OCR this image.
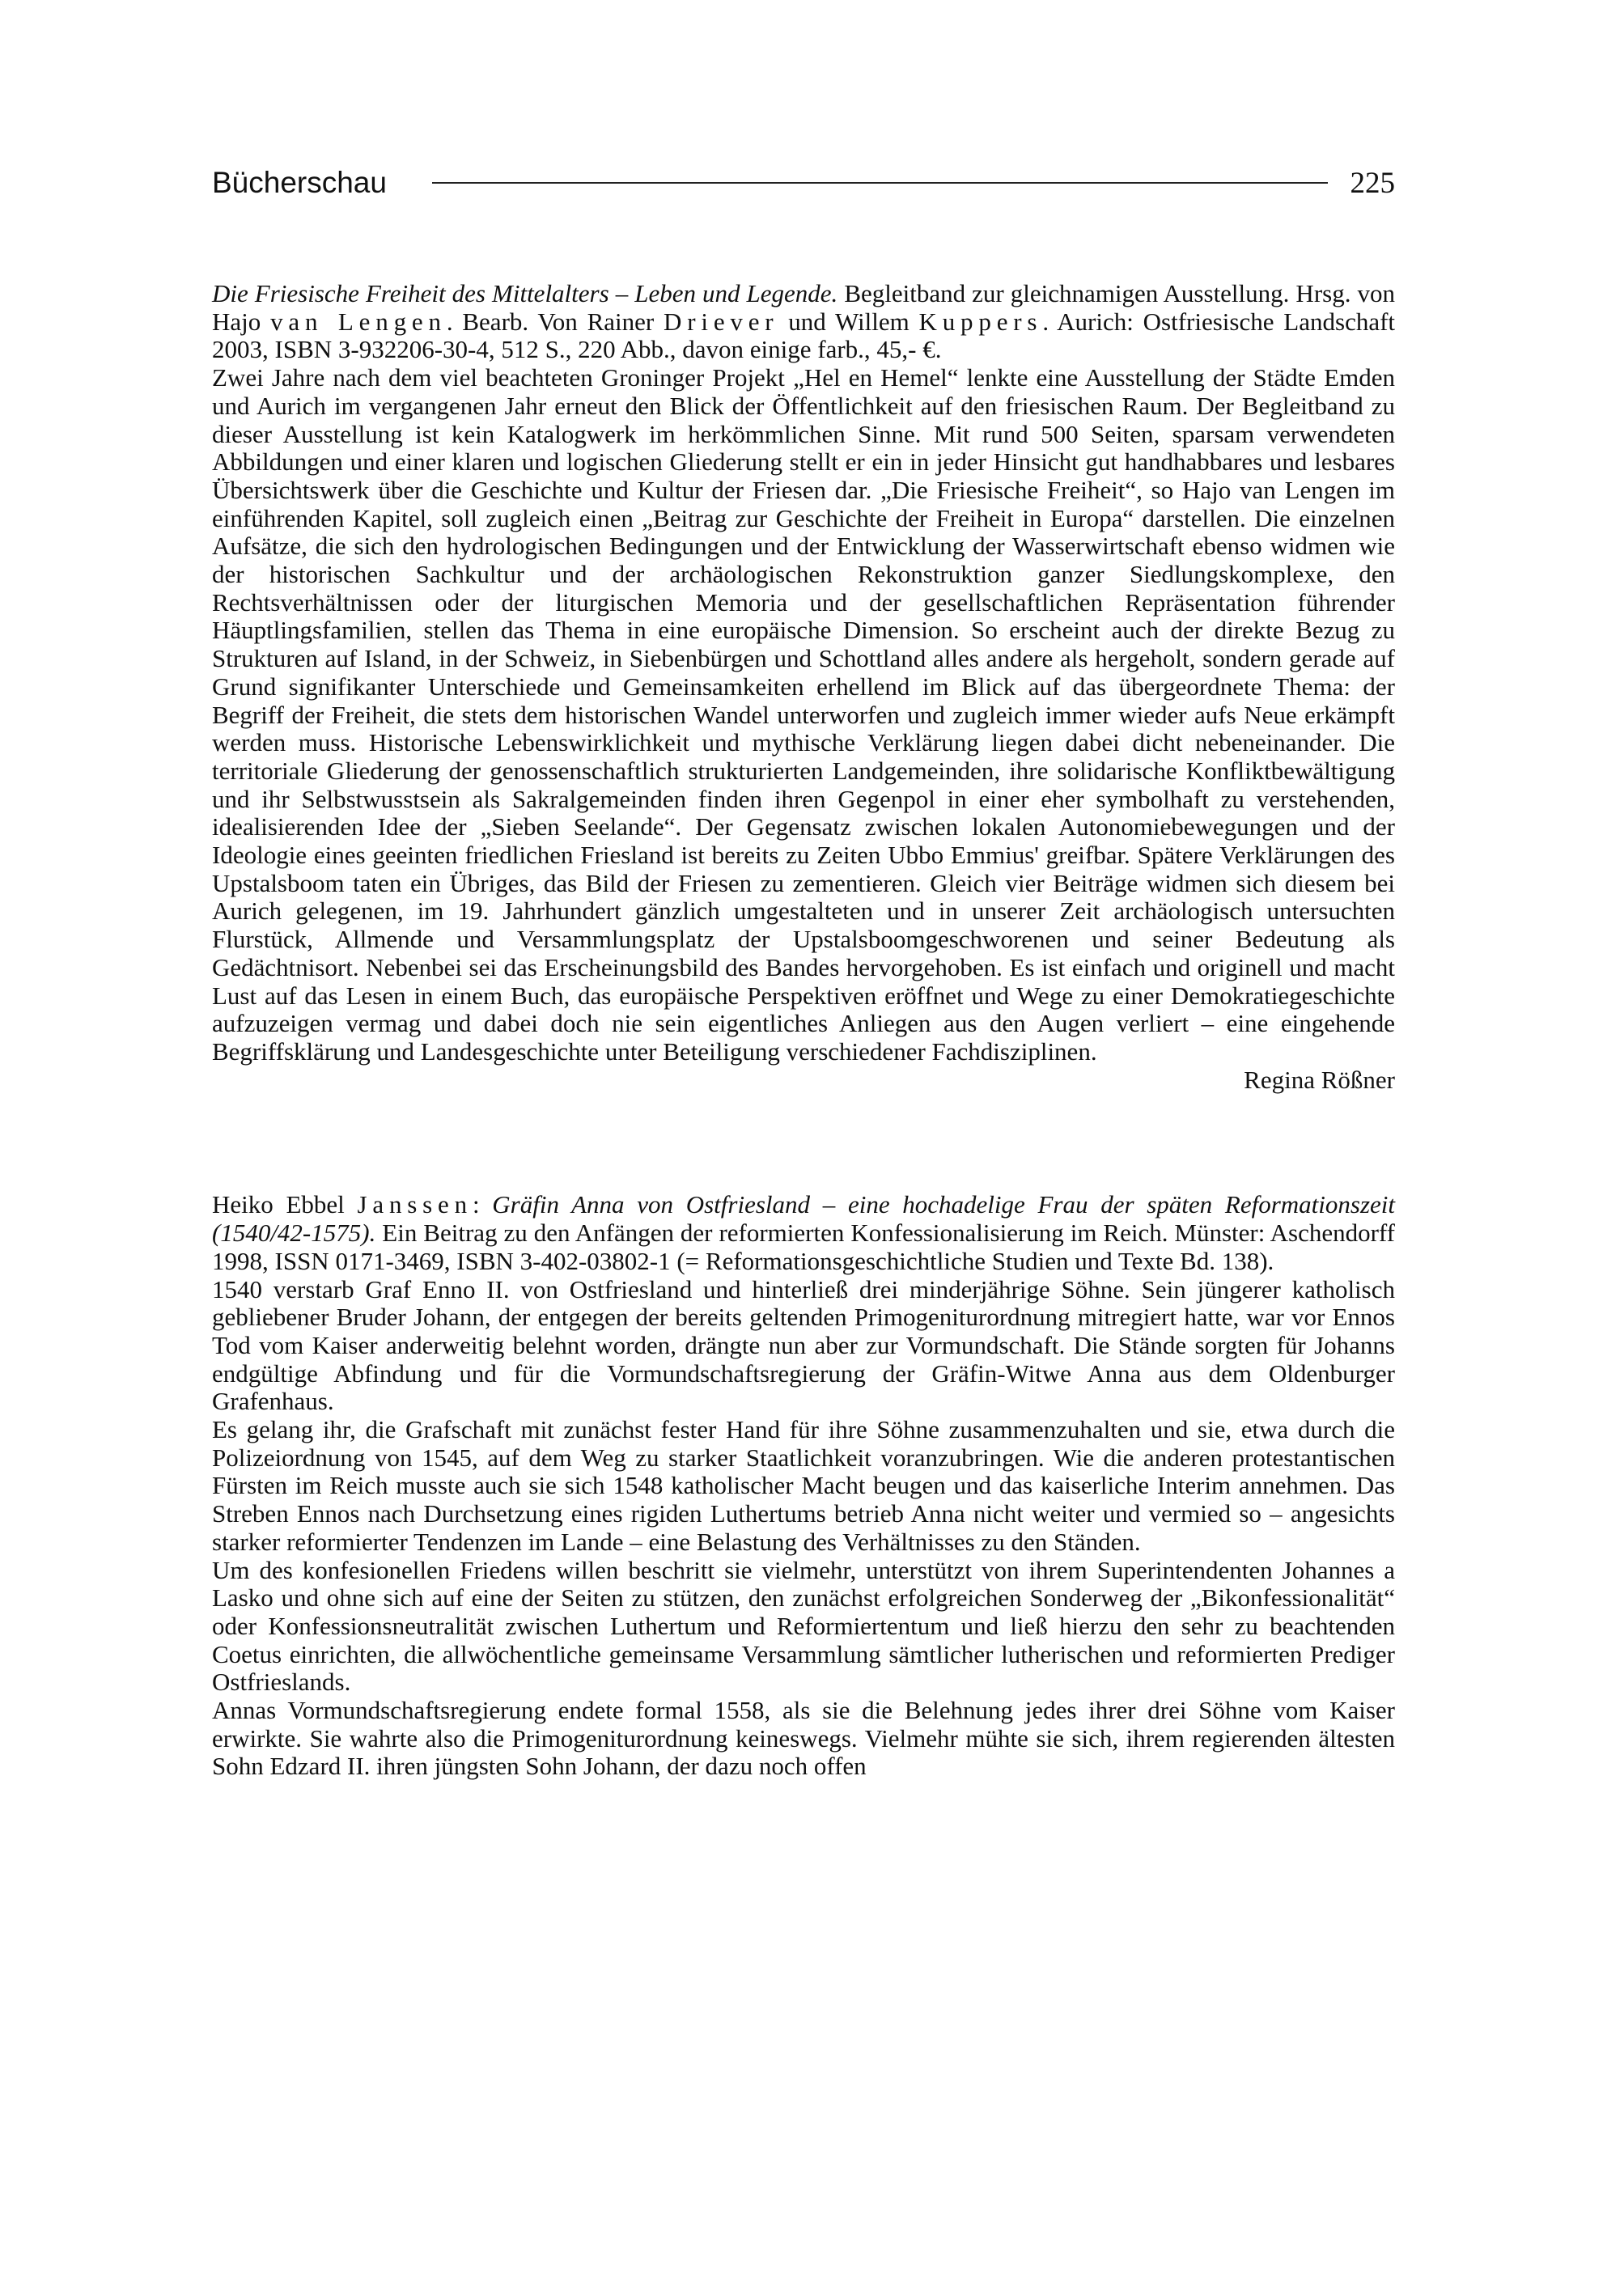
Bücherschau	225

Die Friesische Freiheit des Mittelalters – Leben und Legende. Begleitband zur gleichnamigen Ausstellung. Hrsg. von Hajo van Lengen. Bearb. Von Rainer Driever und Willem Kuppers. Aurich: Ostfriesische Landschaft 2003, ISBN 3-932206-30-4, 512 S., 220 Abb., davon einige farb., 45,- €.

Zwei Jahre nach dem viel beachteten Groninger Projekt „Hel en Hemel“ lenkte eine Ausstellung der Städte Emden und Aurich im vergangenen Jahr erneut den Blick der Öffentlichkeit auf den friesischen Raum. Der Begleitband zu dieser Ausstellung ist kein Katalogwerk im herkömmlichen Sinne. Mit rund 500 Seiten, sparsam verwendeten Abbildungen und einer klaren und logischen Gliederung stellt er ein in jeder Hinsicht gut handhabbares und lesbares Übersichtswerk über die Geschichte und Kultur der Friesen dar. „Die Friesische Freiheit“, so Hajo van Lengen im einführenden Kapitel, soll zugleich einen „Beitrag zur Geschichte der Freiheit in Europa“ darstellen. Die einzelnen Aufsätze, die sich den hydrologischen Bedingungen und der Entwicklung der Wasserwirtschaft ebenso widmen wie der historischen Sachkultur und der archäologischen Rekonstruktion ganzer Siedlungskomplexe, den Rechtsverhältnissen oder der liturgischen Memoria und der gesellschaftlichen Repräsentation führender Häuptlingsfamilien, stellen das Thema in eine europäische Dimension. So erscheint auch der direkte Bezug zu Strukturen auf Island, in der Schweiz, in Siebenbürgen und Schottland alles andere als hergeholt, sondern gerade auf Grund signifikanter Unterschiede und Gemeinsamkeiten erhellend im Blick auf das übergeordnete Thema: der Begriff der Freiheit, die stets dem historischen Wandel unterworfen und zugleich immer wieder aufs Neue erkämpft werden muss. Historische Lebenswirklichkeit und mythische Verklärung liegen dabei dicht nebeneinander. Die territoriale Gliederung der genossenschaftlich strukturierten Landgemeinden, ihre solidarische Konfliktbewältigung und ihr Selbstwusstsein als Sakralgemeinden finden ihren Gegenpol in einer eher symbolhaft zu verstehenden, idealisierenden Idee der „Sieben Seelande“. Der Gegensatz zwischen lokalen Autonomiebewegungen und der Ideologie eines geeinten friedlichen Friesland ist bereits zu Zeiten Ubbo Emmius' greifbar. Spätere Verklärungen des Upstalsboom taten ein Übriges, das Bild der Friesen zu zementieren. Gleich vier Beiträge widmen sich diesem bei Aurich gelegenen, im 19. Jahrhundert gänzlich umgestalteten und in unserer Zeit archäologisch untersuchten Flurstück, Allmende und Versammlungsplatz der Upstalsboomgeschworenen und seiner Bedeutung als Gedächtnisort. Nebenbei sei das Erscheinungsbild des Bandes hervorgehoben. Es ist einfach und originell und macht Lust auf das Lesen in einem Buch, das europäische Perspektiven eröffnet und Wege zu einer Demokratiegeschichte aufzuzeigen vermag und dabei doch nie sein eigentliches Anliegen aus den Augen verliert – eine eingehende Begriffsklärung und Landesgeschichte unter Beteiligung verschiedener Fachdisziplinen.

Regina Rößner

Heiko Ebbel Janssen: Gräfin Anna von Ostfriesland – eine hochadelige Frau der späten Reformationszeit (1540/42-1575). Ein Beitrag zu den Anfängen der reformierten Konfessionalisierung im Reich. Münster: Aschendorff 1998, ISSN 0171-3469, ISBN 3-402-03802-1 (= Reformationsgeschichtliche Studien und Texte Bd. 138).

1540 verstarb Graf Enno II. von Ostfriesland und hinterließ drei minderjährige Söhne. Sein jüngerer katholisch gebliebener Bruder Johann, der entgegen der bereits geltenden Primogeniturordnung mitregiert hatte, war vor Ennos Tod vom Kaiser anderweitig belehnt worden, drängte nun aber zur Vormundschaft. Die Stände sorgten für Johanns endgültige Abfindung und für die Vormundschaftsregierung der Gräfin-Witwe Anna aus dem Oldenburger Grafenhaus.

Es gelang ihr, die Grafschaft mit zunächst fester Hand für ihre Söhne zusammenzuhalten und sie, etwa durch die Polizeiordnung von 1545, auf dem Weg zu starker Staatlichkeit voranzubringen. Wie die anderen protestantischen Fürsten im Reich musste auch sie sich 1548 katholischer Macht beugen und das kaiserliche Interim annehmen. Das Streben Ennos nach Durchsetzung eines rigiden Luthertums betrieb Anna nicht weiter und vermied so – angesichts starker reformierter Tendenzen im Lande – eine Belastung des Verhältnisses zu den Ständen.

Um des konfesionellen Friedens willen beschritt sie vielmehr, unterstützt von ihrem Superintendenten Johannes a Lasko und ohne sich auf eine der Seiten zu stützen, den zunächst erfolgreichen Sonderweg der „Bikonfessionalität“ oder Konfessionsneutralität zwischen Luthertum und Reformiertentum und ließ hierzu den sehr zu beachtenden Coetus einrichten, die allwöchentliche gemeinsame Versammlung sämtlicher lutherischen und reformierten Prediger Ostfrieslands.

Annas Vormundschaftsregierung endete formal 1558, als sie die Belehnung jedes ihrer drei Söhne vom Kaiser erwirkte. Sie wahrte also die Primogeniturordnung keineswegs. Vielmehr mühte sie sich, ihrem regierenden ältesten Sohn Edzard II. ihren jüngsten Sohn Johann, der dazu noch offen
